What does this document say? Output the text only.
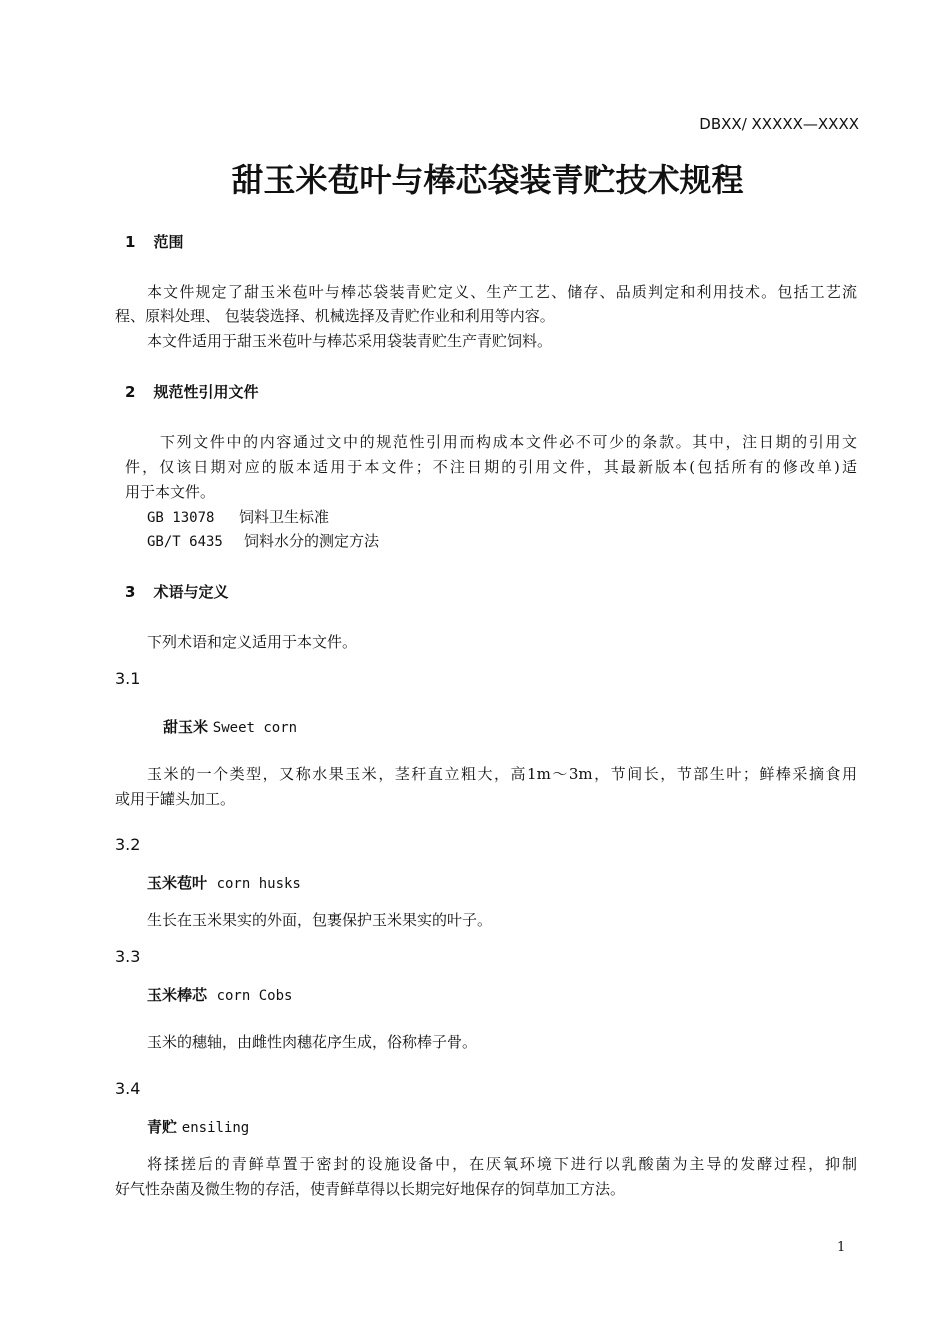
DBXX/ XXXXX—XXXX
甜玉米苞叶与棒芯袋装青贮技术规程
1 范围
本文件规定了甜玉米苞叶与棒芯袋装青贮定义、生产工艺、储存、品质判定和利用技术。包括工艺流
程、原料处理、 包装袋选择、机械选择及青贮作业和利用等内容。
本文件适用于甜玉米苞叶与棒芯采用袋装青贮生产青贮饲料。
2 规范性引用文件
下列文件中的内容通过文中的规范性引用而构成本文件必不可少的条款。其中，注日期的引用文
件，仅该日期对应的版本适用于本文件；不注日期的引用文件，其最新版本(包括所有的修改单)适
用于本文件。
GB 13078 饲料卫生标准
GB/T 6435 饲料水分的测定方法
3 术语与定义
下列术语和定义适用于本文件。
3.1
甜玉米 Sweet corn
玉米的一个类型，又称水果玉米，茎秆直立粗大，高1m～3m，节间长，节部生叶；鲜棒采摘食用
或用于罐头加工。
3.2
玉米苞叶 corn husks
生长在玉米果实的外面，包裹保护玉米果实的叶子。
3.3
玉米棒芯 corn Cobs
玉米的穗轴，由雌性肉穗花序生成，俗称棒子骨。
3.4
青贮 ensiling
将揉搓后的青鲜草置于密封的设施设备中，在厌氧环境下进行以乳酸菌为主导的发酵过程，抑制
好气性杂菌及微生物的存活，使青鲜草得以长期完好地保存的饲草加工方法。
1
